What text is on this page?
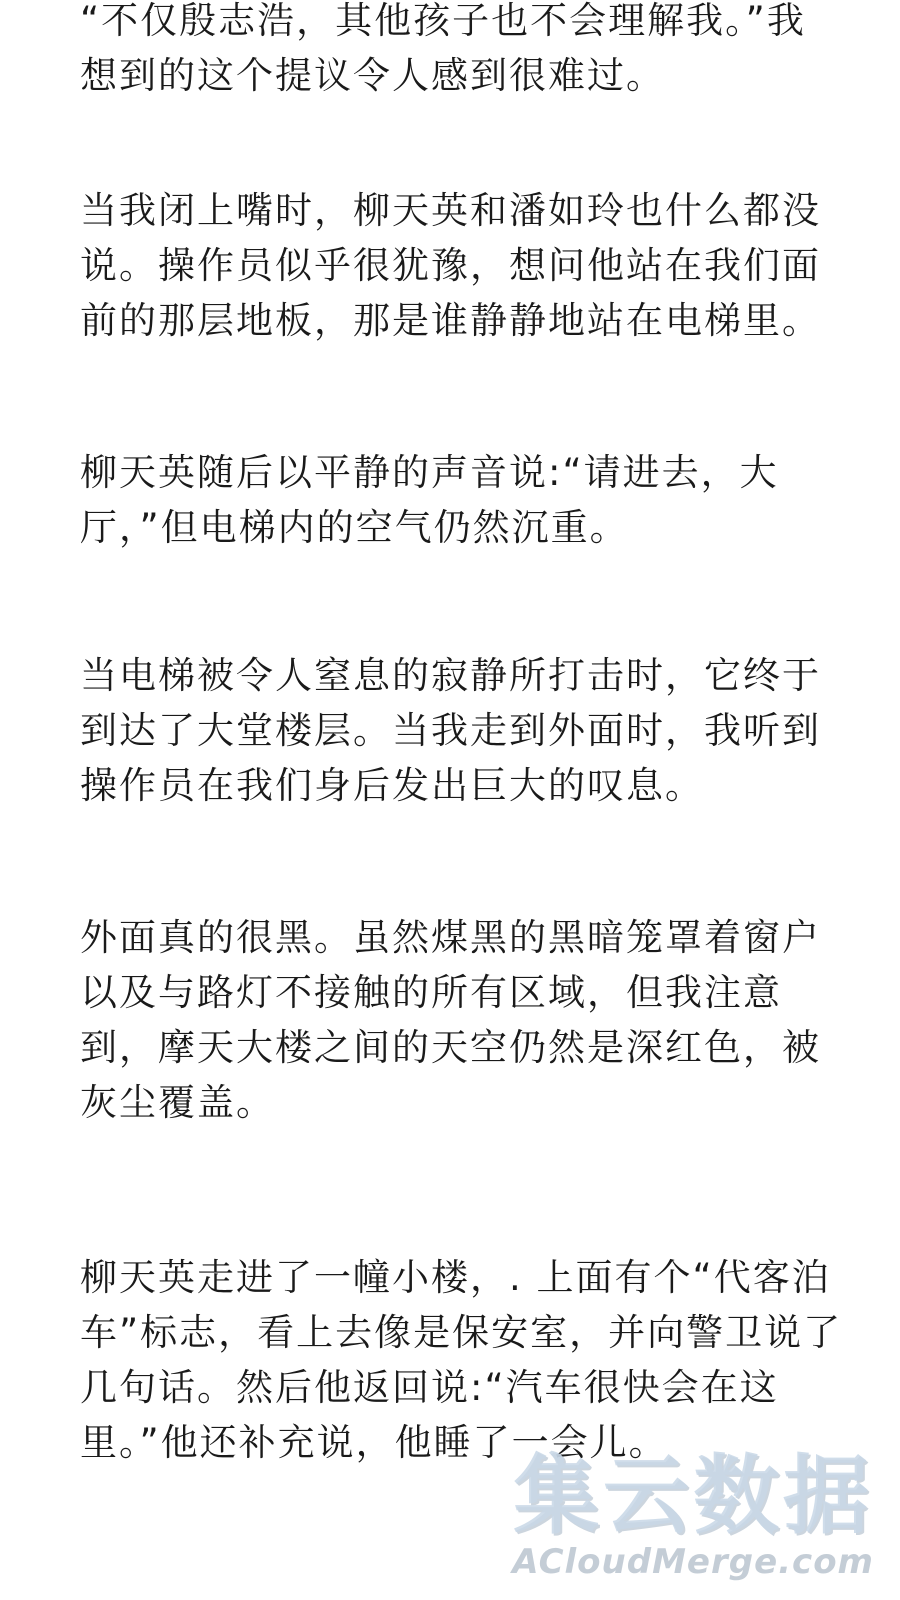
“不仅殷志浩，其他孩子也不会理解我。”我
想到的这个提议令人感到很难过。
当我闭上嘴时，柳天英和潘如玲也什么都没
说。操作员似乎很犹豫，想问他站在我们面
前的那层地板，那是谁静静地站在电梯里。
柳天英随后以平静的声音说:“请进去，大
厅，”但电梯内的空气仍然沉重。
当电梯被令人窒息的寂静所打击时，它终于
到达了大堂楼层。当我走到外面时，我听到
操作员在我们身后发出巨大的叹息。
外面真的很黑。虽然煤黑的黑暗笼罩着窗户
以及与路灯不接触的所有区域，但我注意
到，摩天大楼之间的天空仍然是深红色，被
灰尘覆盖。
柳天英走进了一幢小楼，. 上面有个“代客泊
车”标志，看上去像是保安室，并向警卫说了
几句话。然后他返回说:“汽车很快会在这
里。”他还补充说，他睡了一会儿。
集云数据
ACloudMerge.com
